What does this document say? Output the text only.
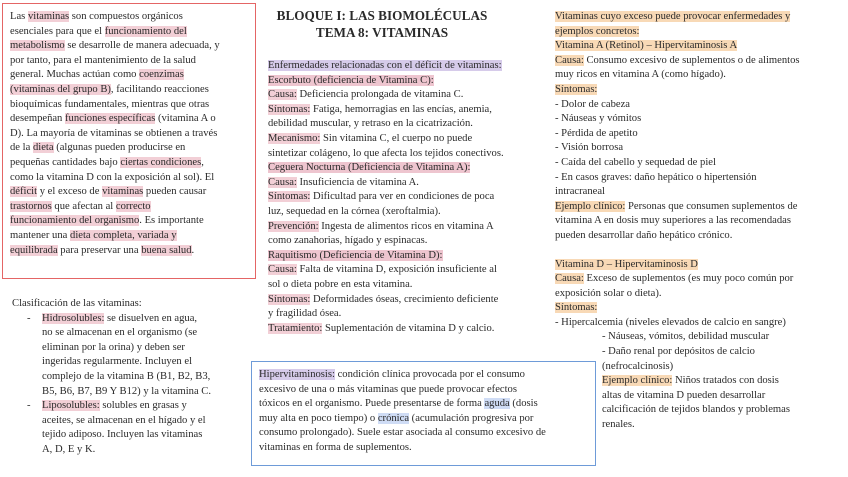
Las vitaminas son compuestos orgánicos
esenciales para que el funcionamiento del
metabolismo se desarrolle de manera adecuada, y
por tanto, para el mantenimiento de la salud
general. Muchas actúan como coenzimas
(vitaminas del grupo B), facilitando reacciones
bioquímicas fundamentales, mientras que otras
desempeñan funciones específicas (vitamina A o
D). La mayoría de vitaminas se obtienen a través
de la dieta (algunas pueden producirse en
pequeñas cantidades bajo ciertas condiciones,
como la vitamina D con la exposición al sol). El
déficit y el exceso de vitaminas pueden causar
trastornos que afectan al correcto
funcionamiento del organismo. Es importante
mantener una dieta completa, variada y
equilibrada para preservar una buena salud.

Clasificación de las vitaminas:

- Hidrosolubles: se disuelven en agua,
no se almacenan en el organismo (se
eliminan por la orina) y deben ser
ingeridas regularmente. Incluyen el
complejo de la vitamina B (B1, B2, B3,
B5, B6, B7, B9 Y B12) y la vitamina C.
- Liposolubles: solubles en grasas y
aceites, se almacenan en el hígado y el
tejido adiposo. Incluyen las vitaminas
A, D, E y K.
BLOQUE I: LAS BIOMOLÉCULAS
TEMA 8: VITAMINAS
Enfermedades relacionadas con el déficit de vitaminas:
Escorbuto (deficiencia de Vitamina C):
Causa: Deficiencia prolongada de vitamina C.
Síntomas: Fatiga, hemorragias en las encías, anemia,
debilidad muscular, y retraso en la cicatrización.
Mecanismo: Sin vitamina C, el cuerpo no puede
sintetizar colágeno, lo que afecta los tejidos conectivos.
Ceguera Nocturna (Deficiencia de Vitamina A):
Causa: Insuficiencia de vitamina A.
Síntomas: Dificultad para ver en condiciones de poca
luz, sequedad en la córnea (xeroftalmia).
Prevención: Ingesta de alimentos ricos en vitamina A
como zanahorias, hígado y espinacas.
Raquitismo (Deficiencia de Vitamina D):
Causa: Falta de vitamina D, exposición insuficiente al
sol o dieta pobre en esta vitamina.
Síntomas: Deformidades óseas, crecimiento deficiente
y fragilidad ósea.
Tratamiento: Suplementación de vitamina D y calcio.
Hipervitaminosis: condición clínica provocada por el consumo
excesivo de una o más vitaminas que puede provocar efectos
tóxicos en el organismo. Puede presentarse de forma aguda (dosis
muy alta en poco tiempo) o crónica (acumulación progresiva por
consumo prolongado). Suele estar asociada al consumo excesivo de
vitaminas en forma de suplementos.
Vitaminas cuyo exceso puede provocar enfermedades y
ejemplos concretos:
Vitamina A (Retinol) – Hipervitaminosis A
Causa: Consumo excesivo de suplementos o de alimentos
muy ricos en vitamina A (como hígado).
Síntomas:
- Dolor de cabeza
- Náuseas y vómitos
- Pérdida de apetito
- Visión borrosa
- Caída del cabello y sequedad de piel
- En casos graves: daño hepático o hipertensión
intracraneal
Ejemplo clínico: Personas que consumen suplementos de
vitamina A en dosis muy superiores a las recomendadas
pueden desarrollar daño hepático crónico.
Vitamina D – Hipervitaminosis D
Causa: Exceso de suplementos (es muy poco común por
exposición solar o dieta).
Síntomas:
- Hipercalcemia (niveles elevados de calcio en sangre)
- Náuseas, vómitos, debilidad muscular
- Daño renal por depósitos de calcio
(nefrocalcinosis)
Ejemplo clínico: Niños tratados con dosis
altas de vitamina D pueden desarrollar
calcificación de tejidos blandos y problemas
renales.
